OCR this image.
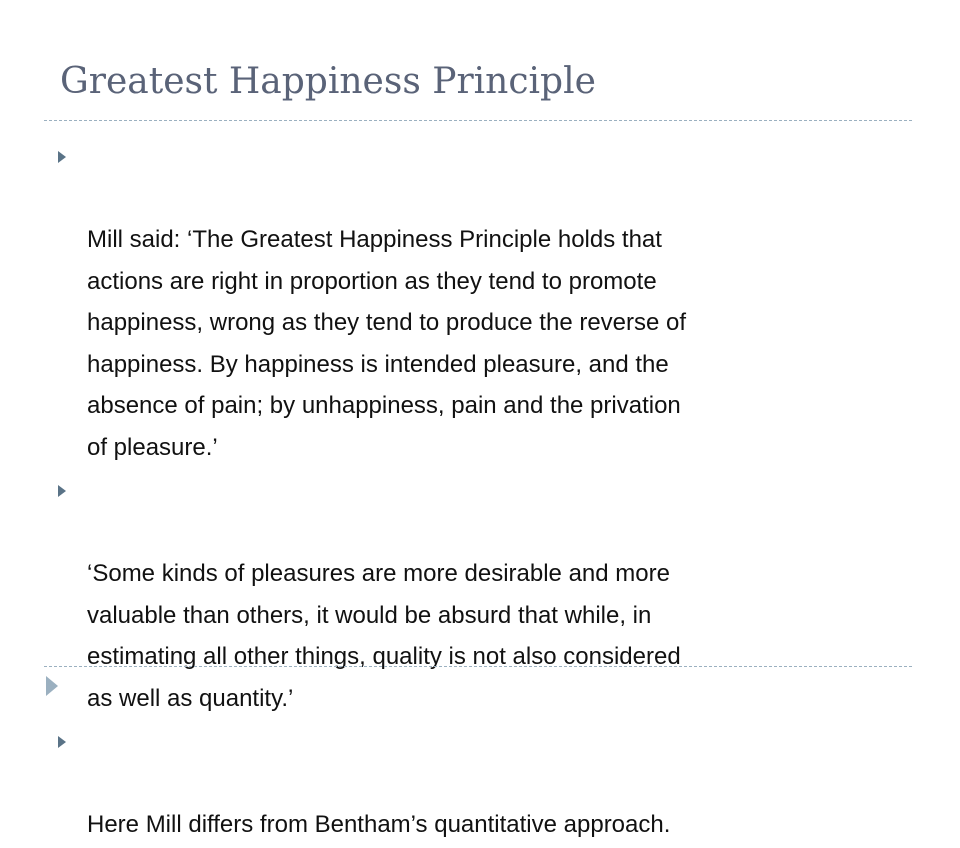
Greatest Happiness Principle

Mill said: ‘The Greatest Happiness Principle holds that
actions are right in proportion as they tend to promote
happiness, wrong as they tend to produce the reverse of
happiness. By happiness is intended pleasure, and the
absence of pain; by unhappiness, pain and the privation
of pleasure.’

‘Some kinds of pleasures are more desirable and more
valuable than others, it would be absurd that while, in
estimating all other things, quality is not also considered
as well as quantity.’

Here Mill differs from Bentham’s quantitative approach.
